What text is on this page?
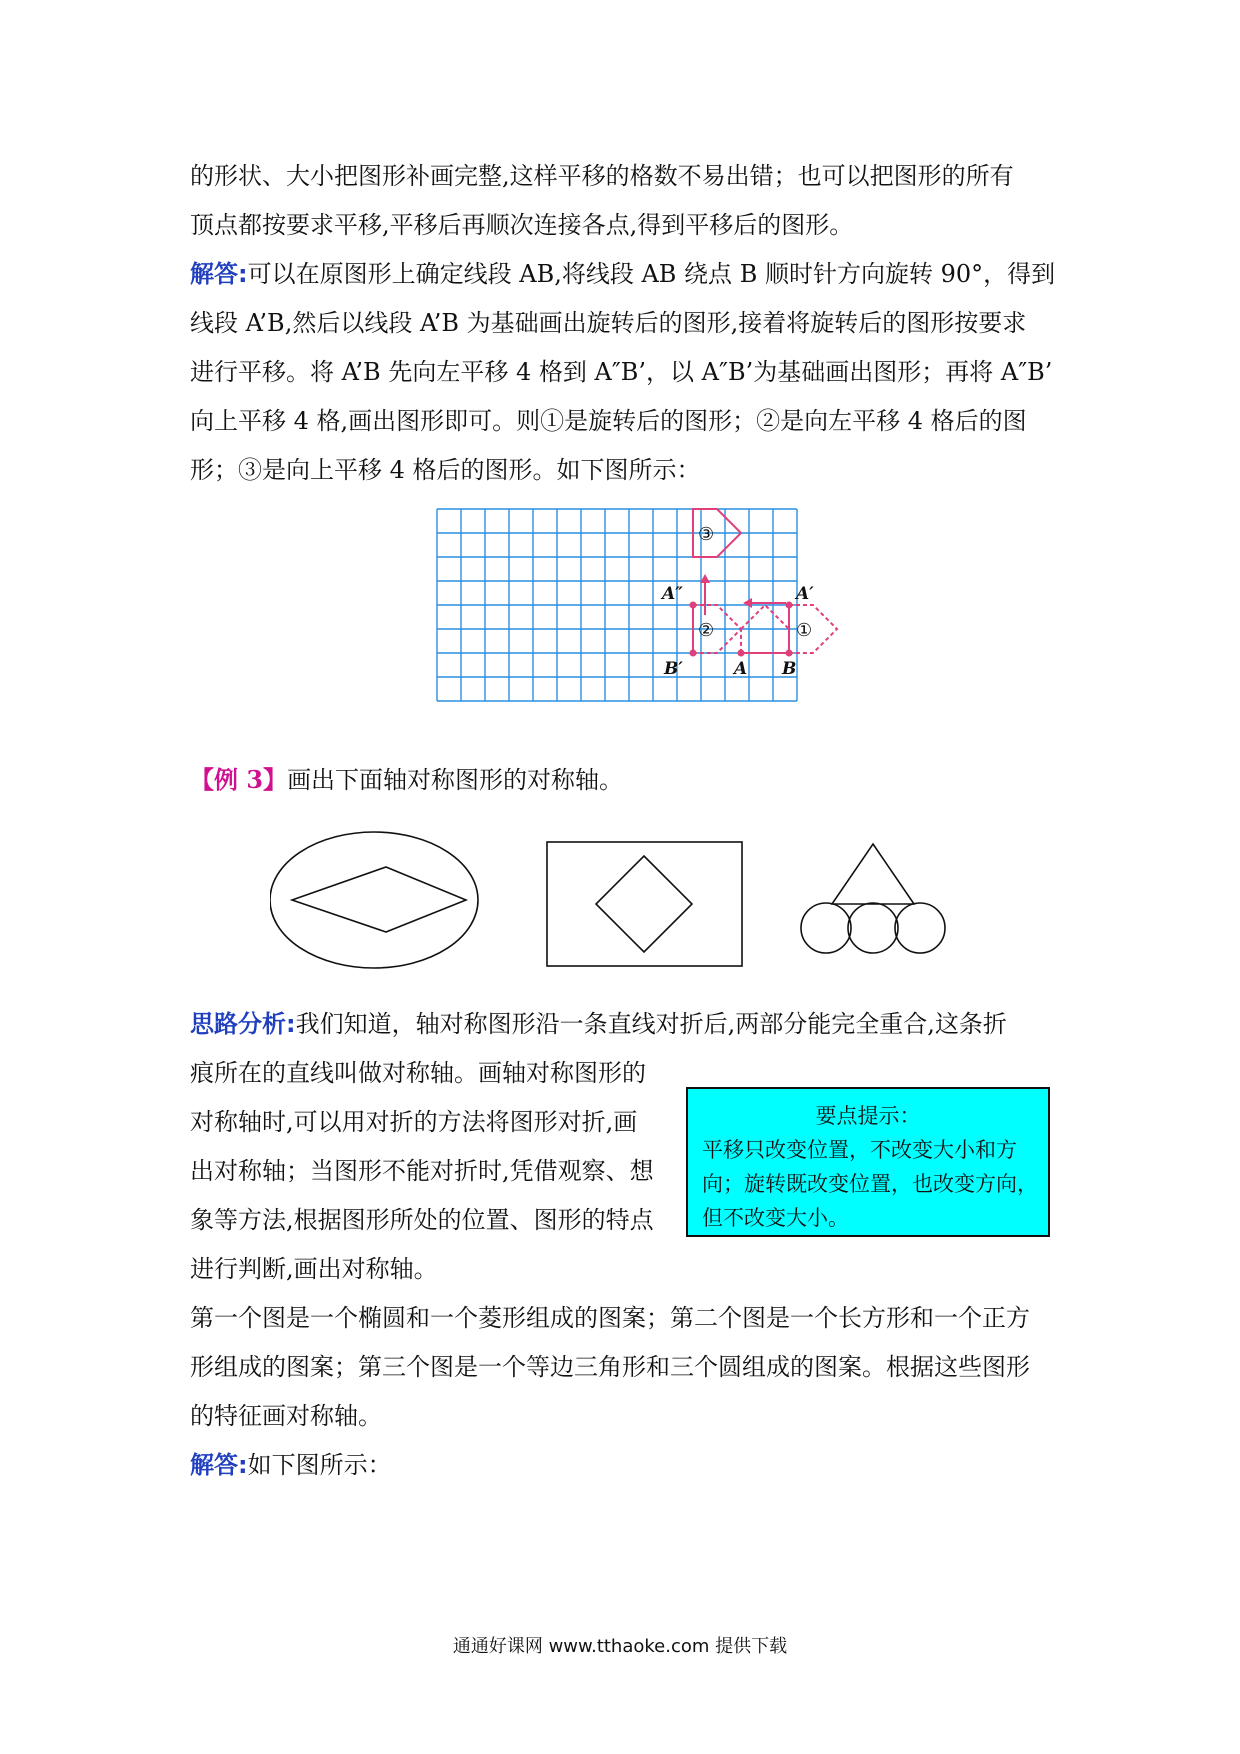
的形状、大小把图形补画完整,这样平移的格数不易出错；也可以把图形的所有
顶点都按要求平移,平移后再顺次连接各点,得到平移后的图形。
解答:可以在原图形上确定线段 AB,将线段 AB 绕点 B 顺时针方向旋转 90°，得到
线段 A’B,然后以线段 A’B 为基础画出旋转后的图形,接着将旋转后的图形按要求
进行平移。将 A’B 先向左平移 4 格到 A″B’，以 A″B’为基础画出图形；再将 A″B’
向上平移 4 格,画出图形即可。则①是旋转后的图形；②是向左平移 4 格后的图
形；③是向上平移 4 格后的图形。如下图所示：
③
②	①
A″	A′
B′	A B
【例 3】画出下面轴对称图形的对称轴。
思路分析:我们知道，轴对称图形沿一条直线对折后,两部分能完全重合,这条折
痕所在的直线叫做对称轴。画轴对称图形的
对称轴时,可以用对折的方法将图形对折,画
出对称轴；当图形不能对折时,凭借观察、想
象等方法,根据图形所处的位置、图形的特点
进行判断,画出对称轴。
第一个图是一个椭圆和一个菱形组成的图案；第二个图是一个长方形和一个正方
形组成的图案；第三个图是一个等边三角形和三个圆组成的图案。根据这些图形
的特征画对称轴。
解答:如下图所示：
要点提示：
平移只改变位置，不改变大小和方
向；旋转既改变位置，也改变方向，
但不改变大小。
通通好课网 www.tthaoke.com 提供下载
